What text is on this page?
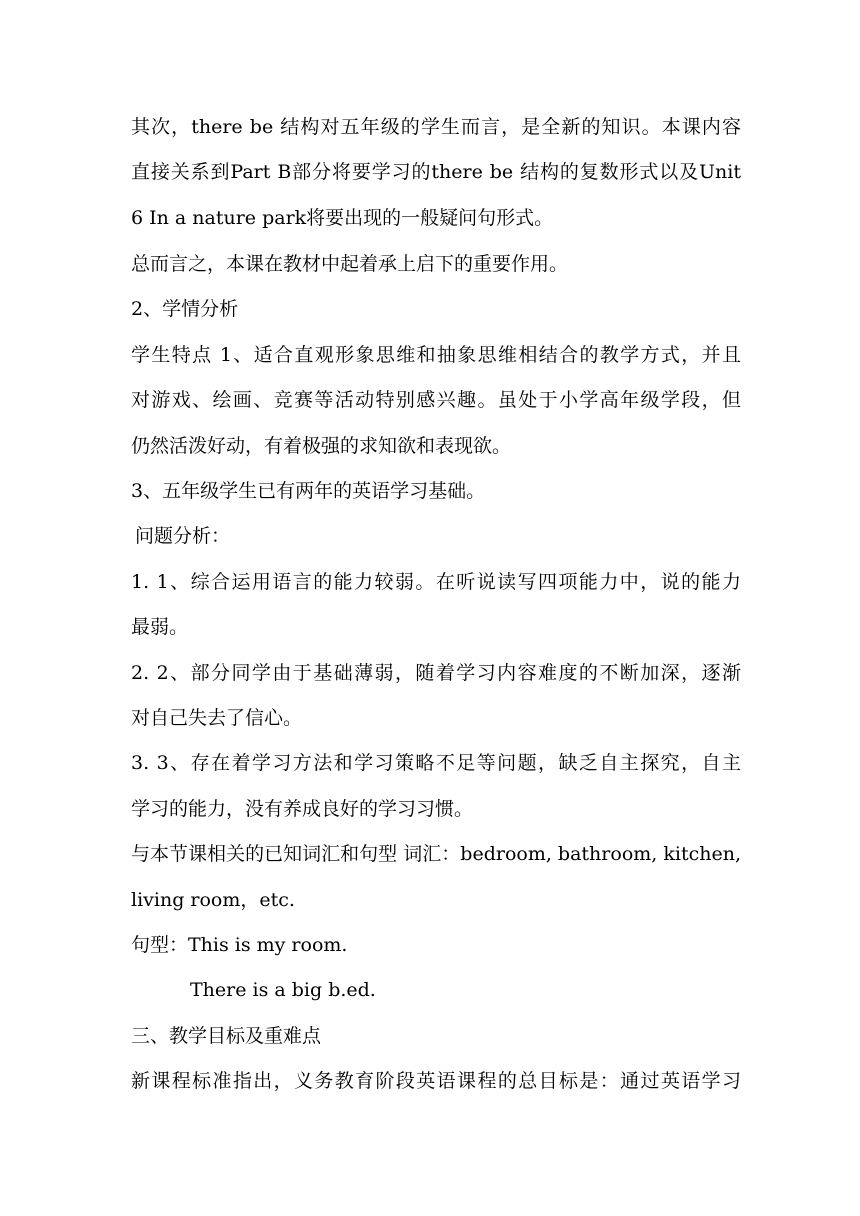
其次，there be 结构对五年级的学生而言，是全新的知识。本课内容
直接关系到Part B部分将要学习的there be 结构的复数形式以及Unit
6 In a nature park将要出现的一般疑问句形式。
总而言之，本课在教材中起着承上启下的重要作用。
2、学情分析
学生特点 1、适合直观形象思维和抽象思维相结合的教学方式，并且
对游戏、绘画、竞赛等活动特别感兴趣。虽处于小学高年级学段，但
仍然活泼好动，有着极强的求知欲和表现欲。
3、五年级学生已有两年的英语学习基础。
问题分析：
1. 1、综合运用语言的能力较弱。在听说读写四项能力中，说的能力
最弱。
2. 2、部分同学由于基础薄弱，随着学习内容难度的不断加深，逐渐
对自己失去了信心。
3. 3、存在着学习方法和学习策略不足等问题，缺乏自主探究，自主
学习的能力，没有养成良好的学习习惯。
与本节课相关的已知词汇和句型 词汇：bedroom, bathroom, kitchen,
living room，etc.
句型：This is my room.
There is a big b.ed.
三、教学目标及重难点
新课程标准指出，义务教育阶段英语课程的总目标是：通过英语学习
